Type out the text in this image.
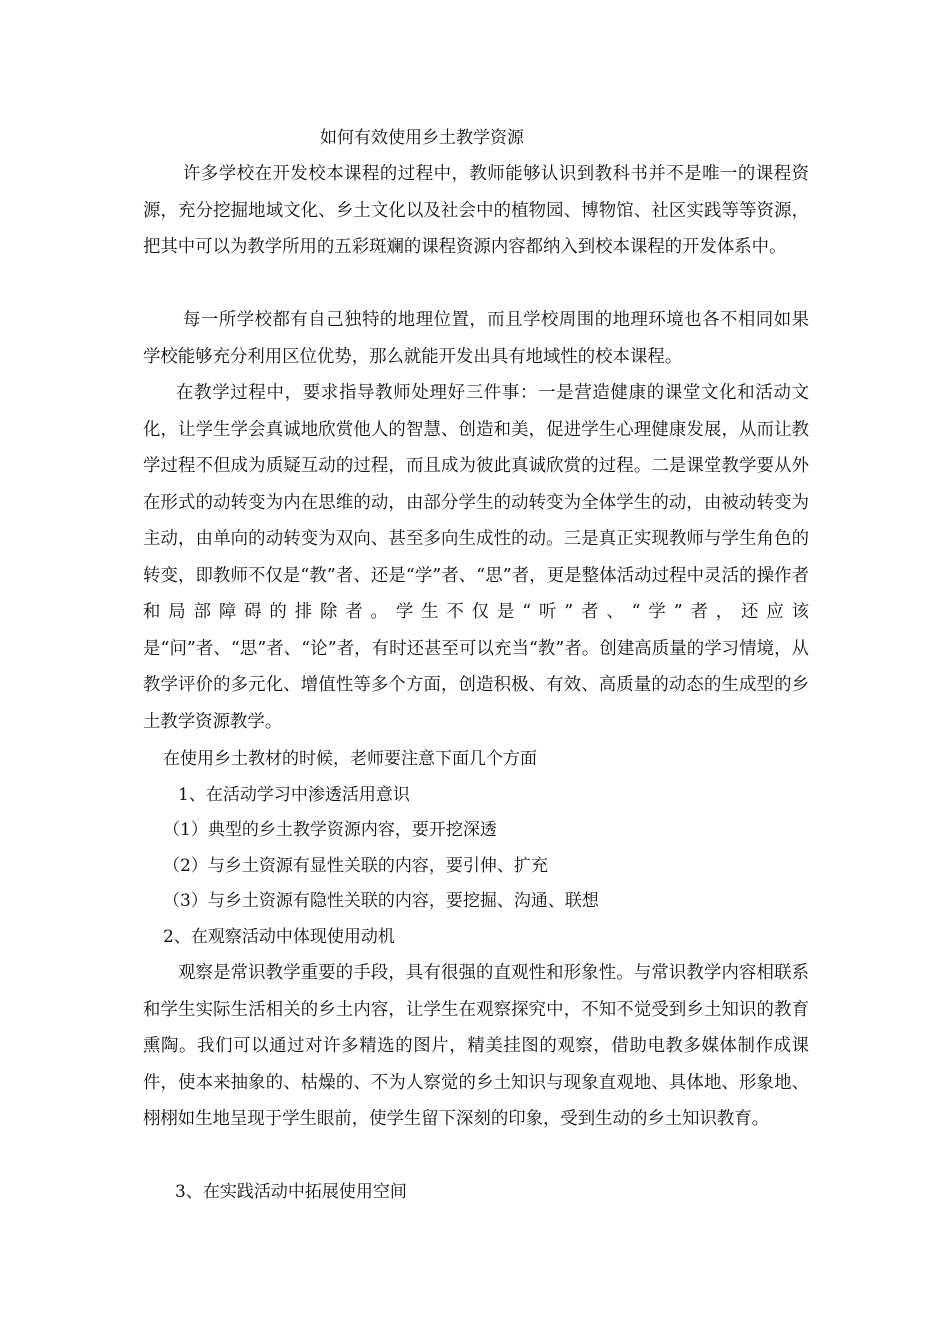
如何有效使用乡土教学资源

许多学校在开发校本课程的过程中，教师能够认识到教科书并不是唯一的课程资源，充分挖掘地域文化、乡土文化以及社会中的植物园、博物馆、社区实践等等资源，把其中可以为教学所用的五彩斑斓的课程资源内容都纳入到校本课程的开发体系中。

每一所学校都有自己独特的地理位置，而且学校周围的地理环境也各不相同如果学校能够充分利用区位优势，那么就能开发出具有地域性的校本课程。

在教学过程中，要求指导教师处理好三件事：一是营造健康的课堂文化和活动文化，让学生学会真诚地欣赏他人的智慧、创造和美，促进学生心理健康发展，从而让教学过程不但成为质疑互动的过程，而且成为彼此真诚欣赏的过程。二是课堂教学要从外在形式的动转变为内在思维的动，由部分学生的动转变为全体学生的动，由被动转变为主动，由单向的动转变为双向、甚至多向生成性的动。三是真正实现教师与学生角色的转变，即教师不仅是“教”者、还是“学”者、“思”者，更是整体活动过程中灵活的操作者和局部障碍的排除者。学生不仅是“听”者、“学”者，还应该是“问”者、“思”者、“论”者，有时还甚至可以充当“教”者。创建高质量的学习情境，从教学评价的多元化、增值性等多个方面，创造积极、有效、高质量的动态的生成型的乡土教学资源教学。

在使用乡土教材的时候，老师要注意下面几个方面
1、在活动学习中渗透活用意识
（1）典型的乡土教学资源内容，要开挖深透
（2）与乡土资源有显性关联的内容，要引伸、扩充
（3）与乡土资源有隐性关联的内容，要挖掘、沟通、联想
2、在观察活动中体现使用动机

观察是常识教学重要的手段，具有很强的直观性和形象性。与常识教学内容相联系和学生实际生活相关的乡土内容，让学生在观察探究中，不知不觉受到乡土知识的教育熏陶。我们可以通过对许多精选的图片，精美挂图的观察，借助电教多媒体制作成课件，使本来抽象的、枯燥的、不为人察觉的乡土知识与现象直观地、具体地、形象地、栩栩如生地呈现于学生眼前，使学生留下深刻的印象，受到生动的乡土知识教育。

3、在实践活动中拓展使用空间
